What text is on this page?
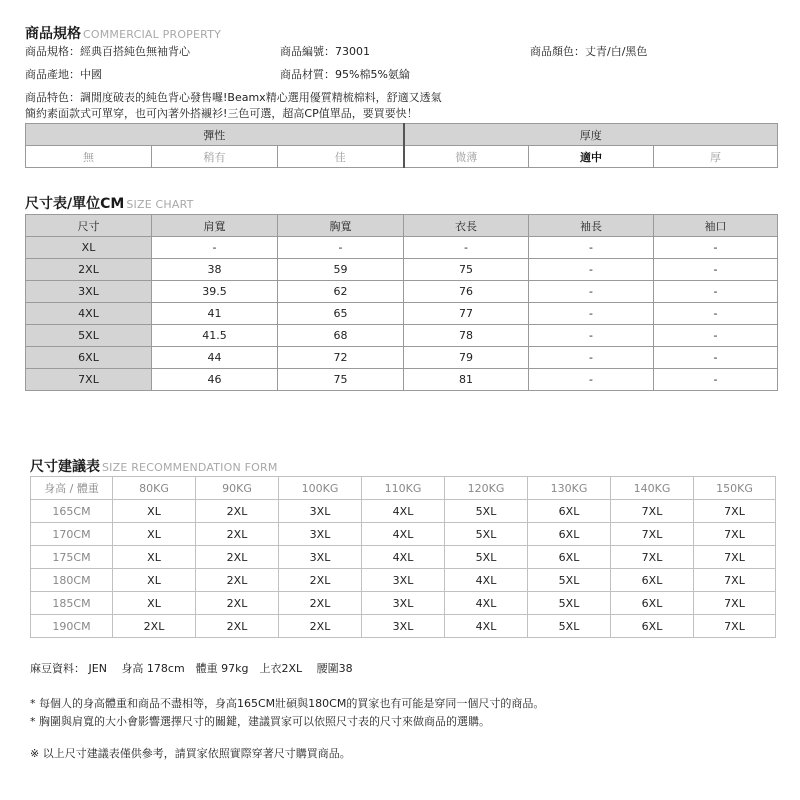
商品規格 COMMERCIAL PROPERTY
商品規格：經典百搭純色無袖背心	商品編號：73001	商品顏色：丈青/白/黑色
商品產地：中國	商品材質：95%棉5%氨綸
商品特色：調閒度破表的純色背心發售囉!Beamx精心選用優質精梳棉料，舒適又透氣
簡約素面款式可單穿，也可內著外搭襯衫!三色可選，超高CP值單品，要買要快！
彈性			厚度		
無	稍有	佳	微薄	適中	厚
尺寸表/單位CM SIZE CHART
尺寸	肩寬	胸寬	衣長	袖長	袖口
XL	-	-	-	-	-
2XL	38	59	75	-	-
3XL	39.5	62	76	-	-
4XL	41	65	77	-	-
5XL	41.5	68	78	-	-
6XL	44	72	79	-	-
7XL	46	75	81	-	-
尺寸建議表 SIZE RECOMMENDATION FORM
身高 / 體重	80KG	90KG	100KG	110KG	120KG	130KG	140KG	150KG
165CM	XL	2XL	3XL	4XL	5XL	6XL	7XL	7XL
170CM	XL	2XL	3XL	4XL	5XL	6XL	7XL	7XL
175CM	XL	2XL	3XL	4XL	5XL	6XL	7XL	7XL
180CM	XL	2XL	2XL	3XL	4XL	5XL	6XL	7XL
185CM	XL	2XL	2XL	3XL	4XL	5XL	6XL	7XL
190CM	2XL	2XL	2XL	3XL	4XL	5XL	6XL	7XL
麻豆資料： JEN　 身高 178cm　體重 97kg　上衣2XL　 腰圍38
* 每個人的身高體重和商品不盡相等，身高165CM壯碩與180CM的買家也有可能是穿同一個尺寸的商品。
* 胸圍與肩寬的大小會影響選擇尺寸的關鍵，建議買家可以依照尺寸表的尺寸來做商品的選購。
※ 以上尺寸建議表僅供參考，請買家依照實際穿著尺寸購買商品。
